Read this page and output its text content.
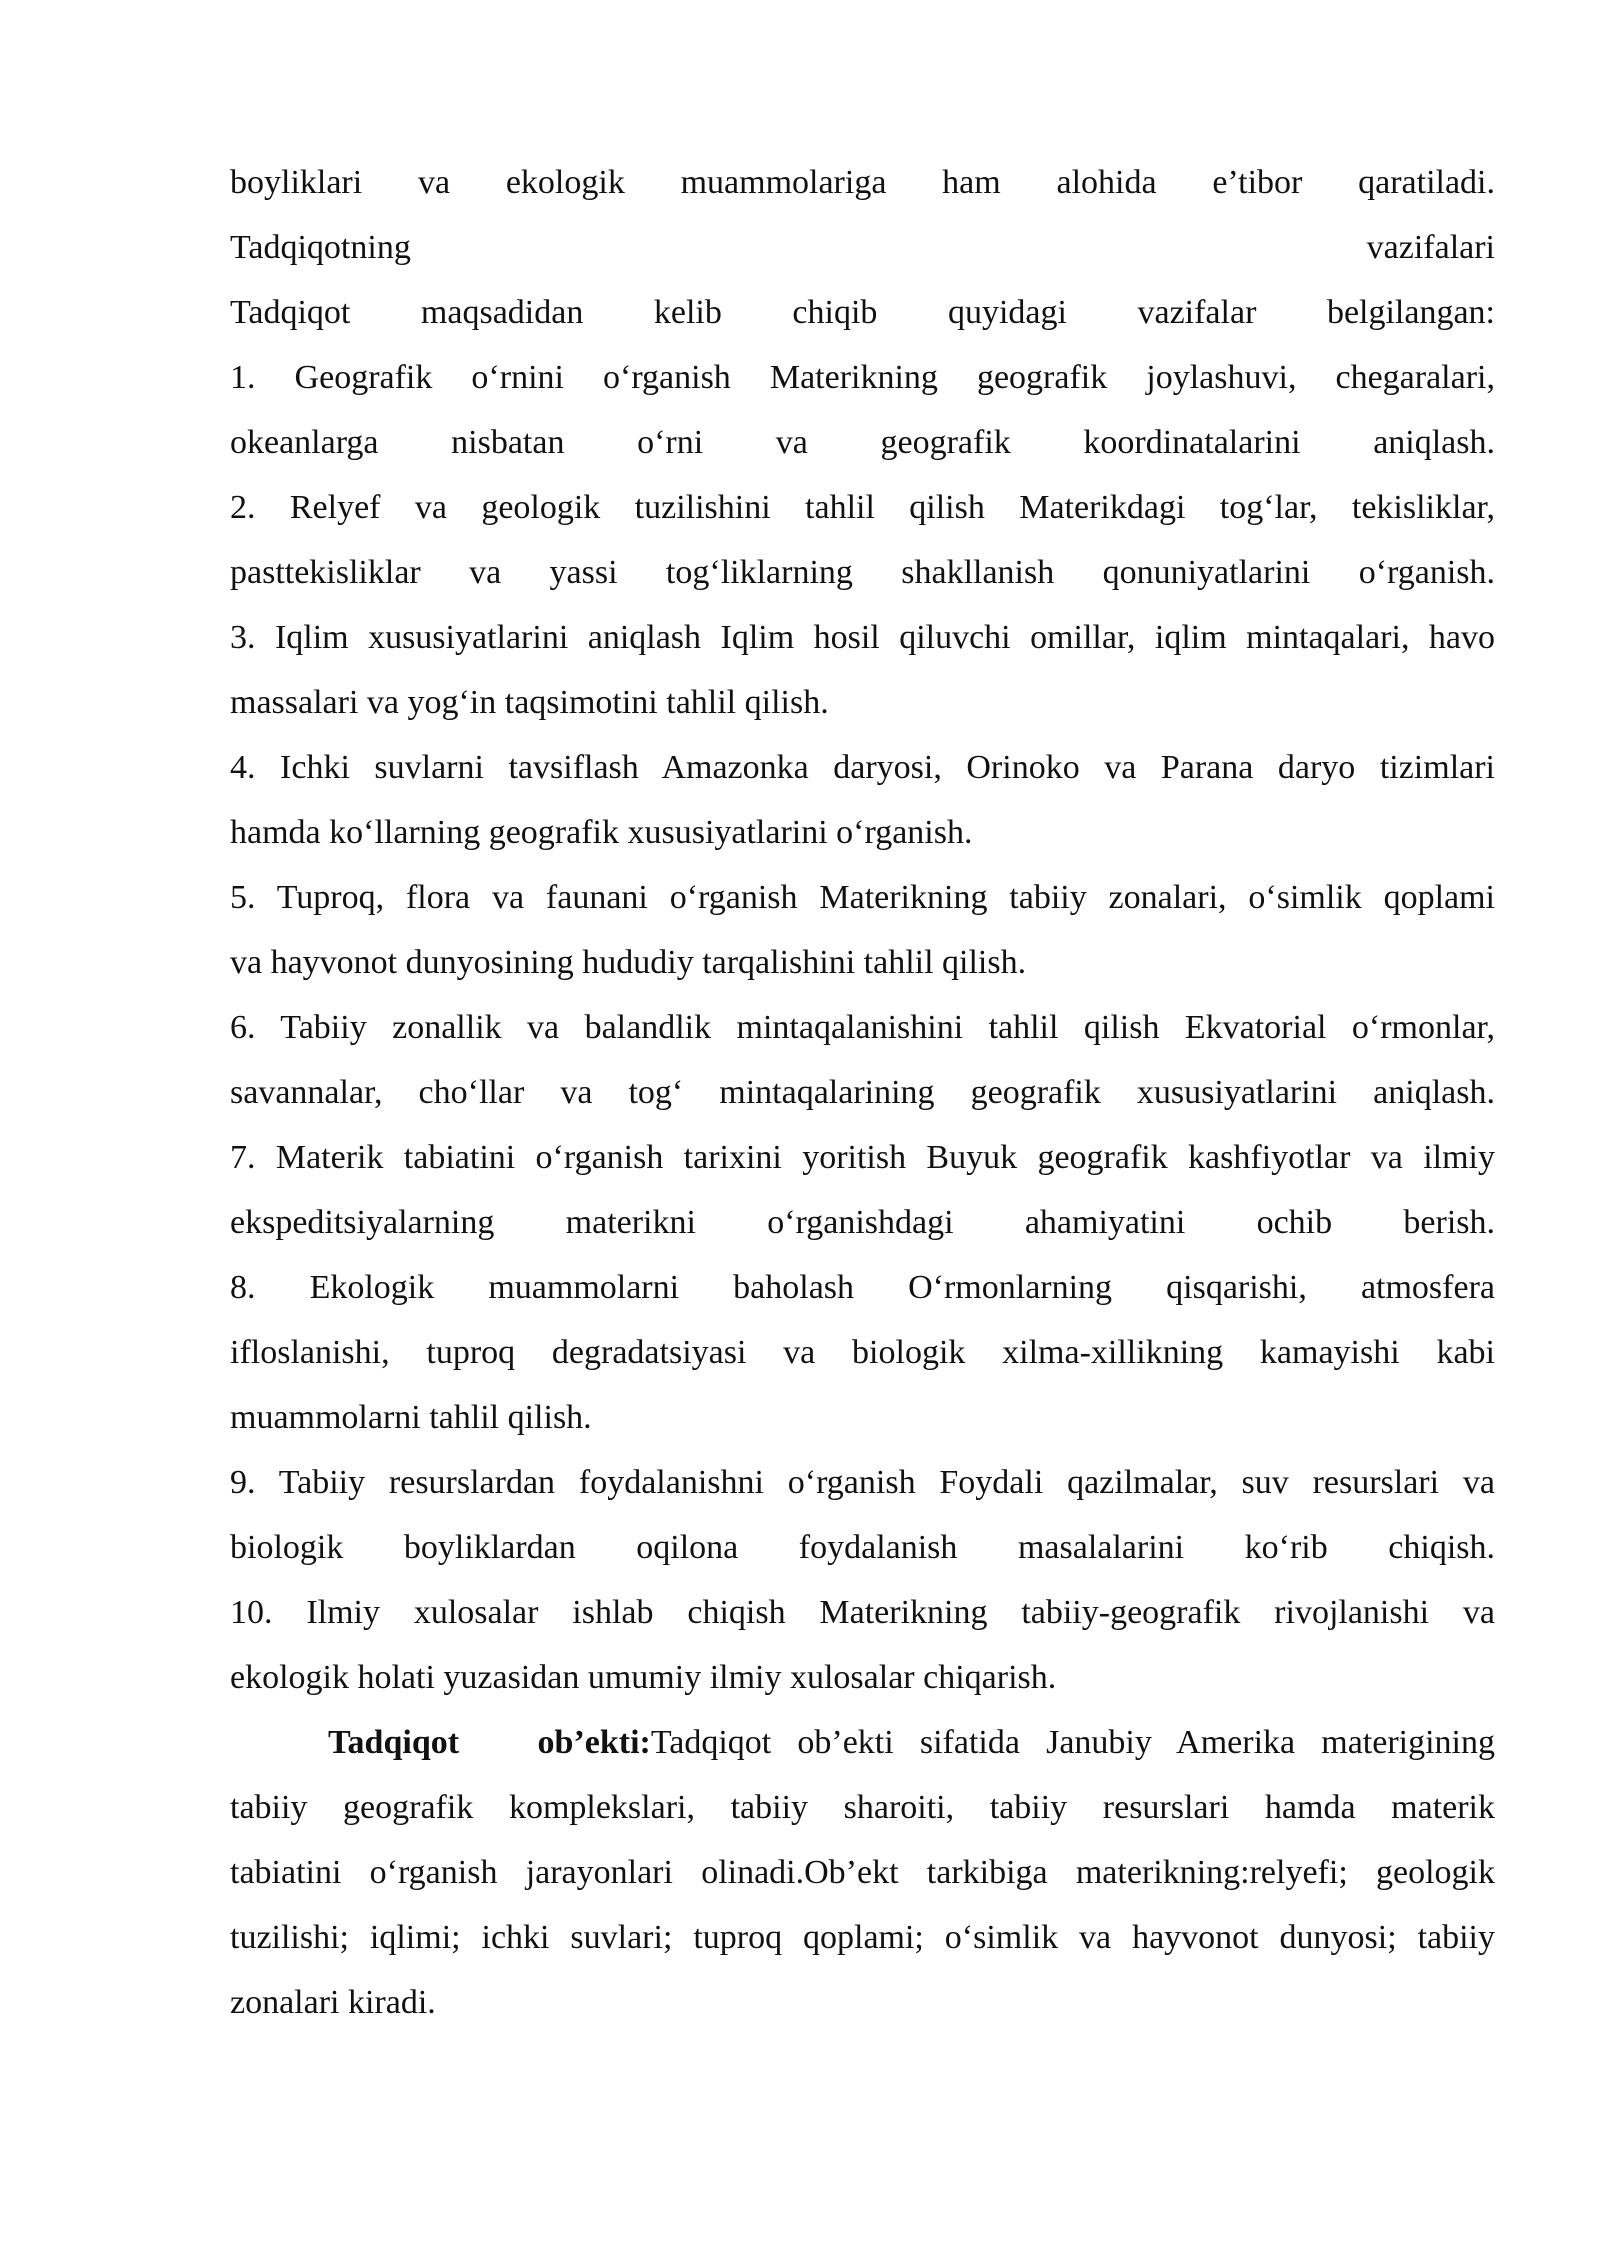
boyliklari va ekologik muammolariga ham alohida e’tibor qaratiladi.
Tadqiqotning vazifalari
Tadqiqot maqsadidan kelib chiqib quyidagi vazifalar belgilangan:
1. Geografik o‘rnini o‘rganish Materikning geografik joylashuvi, chegaralari,
okeanlarga nisbatan o‘rni va geografik koordinatalarini aniqlash.
2. Relyef va geologik tuzilishini tahlil qilish Materikdagi tog‘lar, tekisliklar,
pasttekisliklar va yassi tog‘liklarning shakllanish qonuniyatlarini o‘rganish.
3. Iqlim xususiyatlarini aniqlash Iqlim hosil qiluvchi omillar, iqlim mintaqalari, havo
massalari va yog‘in taqsimotini tahlil qilish.
4. Ichki suvlarni tavsiflash Amazonka daryosi, Orinoko va Parana daryo tizimlari
hamda ko‘llarning geografik xususiyatlarini o‘rganish.
5. Tuproq, flora va faunani o‘rganish Materikning tabiiy zonalari, o‘simlik qoplami
va hayvonot dunyosining hududiy tarqalishini tahlil qilish.
6. Tabiiy zonallik va balandlik mintaqalanishini tahlil qilish Ekvatorial o‘rmonlar,
savannalar, cho‘llar va tog‘ mintaqalarining geografik xususiyatlarini aniqlash.
7. Materik tabiatini o‘rganish tarixini yoritish Buyuk geografik kashfiyotlar va ilmiy
ekspeditsiyalarning materikni o‘rganishdagi ahamiyatini ochib berish.
8. Ekologik muammolarni baholash O‘rmonlarning qisqarishi, atmosfera
ifloslanishi, tuproq degradatsiyasi va biologik xilma-xillikning kamayishi kabi
muammolarni tahlil qilish.
9. Tabiiy resurslardan foydalanishni o‘rganish Foydali qazilmalar, suv resurslari va
biologik boyliklardan oqilona foydalanish masalalarini ko‘rib chiqish.
10. Ilmiy xulosalar ishlab chiqish Materikning tabiiy-geografik rivojlanishi va
ekologik holati yuzasidan umumiy ilmiy xulosalar chiqarish.
Tadqiqot   ob’ekti:Tadqiqot ob’ekti sifatida Janubiy Amerika materigining
tabiiy geografik komplekslari, tabiiy sharoiti, tabiiy resurslari hamda materik
tabiatini o‘rganish jarayonlari olinadi.Ob’ekt tarkibiga materikning:relyefi; geologik
tuzilishi; iqlimi; ichki suvlari; tuproq qoplami; o‘simlik va hayvonot dunyosi; tabiiy
zonalari kiradi.
